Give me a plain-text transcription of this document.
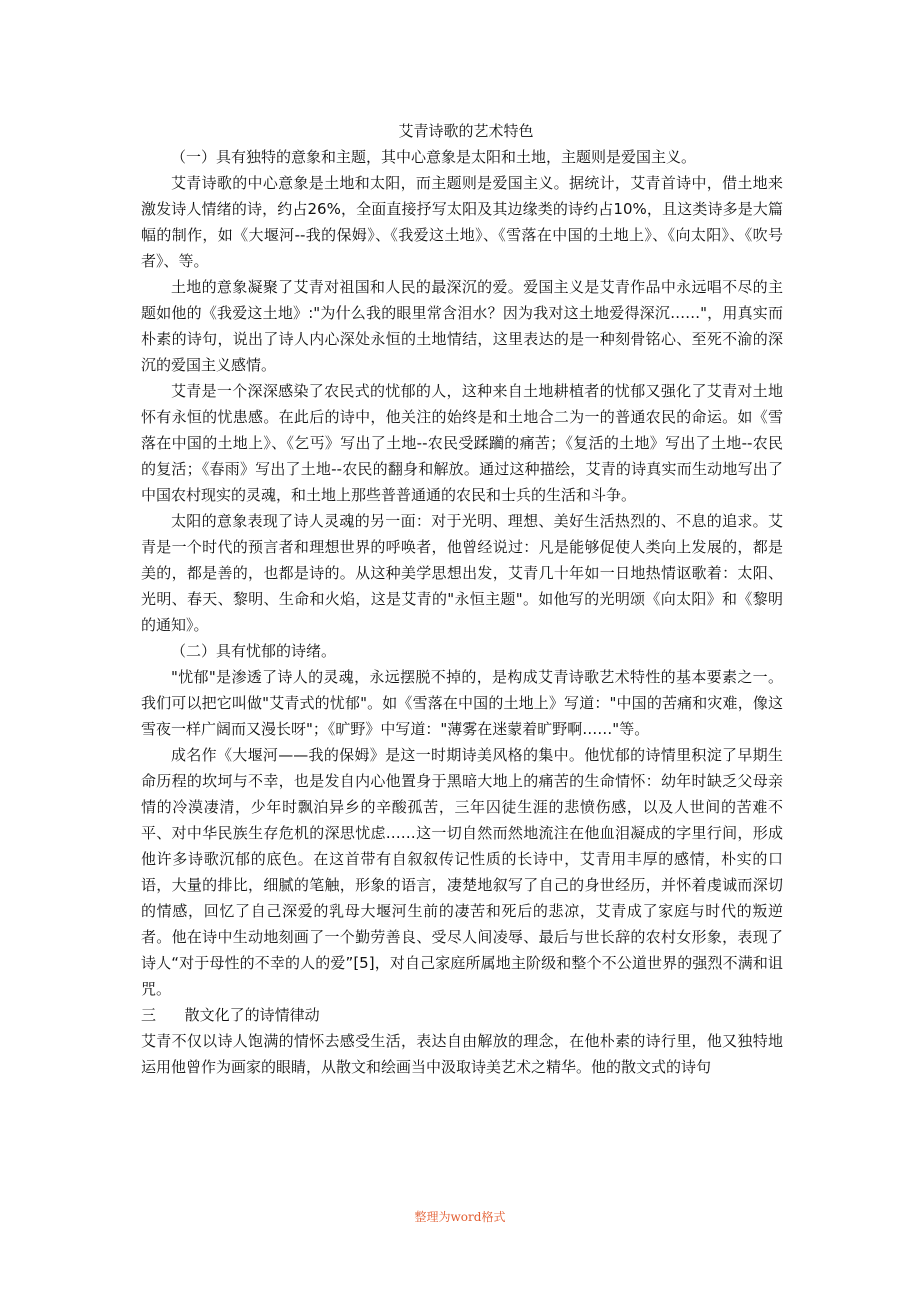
艾青诗歌的艺术特色

（一）具有独特的意象和主题，其中心意象是太阳和土地，主题则是爱国主义。

艾青诗歌的中心意象是土地和太阳，而主题则是爱国主义。据统计，艾青首诗中，借土地来激发诗人情绪的诗，约占26%，全面直接抒写太阳及其边缘类的诗约占10%，且这类诗多是大篇幅的制作，如《大堰河--我的保姆》、《我爱这土地》、《雪落在中国的土地上》、《向太阳》、《吹号者》、等。

土地的意象凝聚了艾青对祖国和人民的最深沉的爱。爱国主义是艾青作品中永远唱不尽的主题如他的《我爱这土地》:"为什么我的眼里常含泪水？因为我对这土地爱得深沉……"，用真实而朴素的诗句，说出了诗人内心深处永恒的土地情结，这里表达的是一种刻骨铭心、至死不渝的深沉的爱国主义感情。

艾青是一个深深感染了农民式的忧郁的人，这种来自土地耕植者的忧郁又强化了艾青对土地怀有永恒的忧患感。在此后的诗中，他关注的始终是和土地合二为一的普通农民的命运。如《雪落在中国的土地上》、《乞丐》写出了土地--农民受蹂躏的痛苦；《复活的土地》写出了土地--农民的复活；《春雨》写出了土地--农民的翻身和解放。通过这种描绘，艾青的诗真实而生动地写出了中国农村现实的灵魂，和土地上那些普普通通的农民和士兵的生活和斗争。

太阳的意象表现了诗人灵魂的另一面：对于光明、理想、美好生活热烈的、不息的追求。艾青是一个时代的预言者和理想世界的呼唤者，他曾经说过：凡是能够促使人类向上发展的，都是美的，都是善的，也都是诗的。从这种美学思想出发，艾青几十年如一日地热情讴歌着：太阳、光明、春天、黎明、生命和火焰，这是艾青的"永恒主题"。如他写的光明颂《向太阳》和《黎明的通知》。

（二）具有忧郁的诗绪。

"忧郁"是渗透了诗人的灵魂，永远摆脱不掉的，是构成艾青诗歌艺术特性的基本要素之一。我们可以把它叫做"艾青式的忧郁"。如《雪落在中国的土地上》写道："中国的苦痛和灾难，像这雪夜一样广阔而又漫长呀"；《旷野》中写道："薄雾在迷蒙着旷野啊……"等。

成名作《大堰河——我的保姆》是这一时期诗美风格的集中。他忧郁的诗情里积淀了早期生命历程的坎坷与不幸，也是发自内心他置身于黑暗大地上的痛苦的生命情怀：幼年时缺乏父母亲情的冷漠凄清，少年时飘泊异乡的辛酸孤苦，三年囚徒生涯的悲愤伤感，以及人世间的苦难不平、对中华民族生存危机的深思忧虑……这一切自然而然地流注在他血泪凝成的字里行间，形成他许多诗歌沉郁的底色。在这首带有自叙叙传记性质的长诗中，艾青用丰厚的感情，朴实的口语，大量的排比，细腻的笔触，形象的语言，凄楚地叙写了自己的身世经历，并怀着虔诚而深切的情感，回忆了自己深爱的乳母大堰河生前的凄苦和死后的悲凉，艾青成了家庭与时代的叛逆者。他在诗中生动地刻画了一个勤劳善良、受尽人间凌辱、最后与世长辞的农村女形象，表现了诗人“对于母性的不幸的人的爱”[5]，对自己家庭所属地主阶级和整个不公道世界的强烈不满和诅咒。

三      散文化了的诗情律动

艾青不仅以诗人饱满的情怀去感受生活，表达自由解放的理念，在他朴素的诗行里，他又独特地运用他曾作为画家的眼睛，从散文和绘画当中汲取诗美艺术之精华。他的散文式的诗句

整理为word格式
